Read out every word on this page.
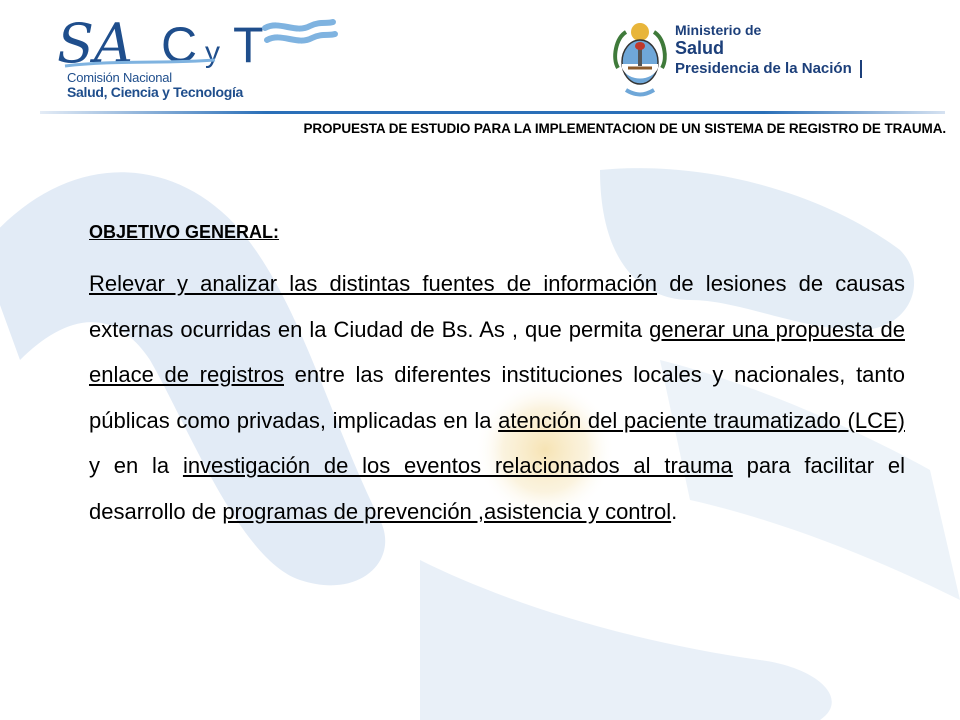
SA C y T
Comisión Nacional
Salud, Ciencia y Tecnología
Ministerio de
Salud
Presidencia de la Nación
PROPUESTA DE ESTUDIO PARA LA IMPLEMENTACION DE UN SISTEMA DE REGISTRO DE TRAUMA.
OBJETIVO GENERAL:

Relevar y analizar las distintas fuentes de información de lesiones de causas externas ocurridas en la Ciudad de Bs. As , que permita generar una propuesta de enlace de registros entre las diferentes instituciones locales y nacionales, tanto públicas como privadas, implicadas en la atención del paciente traumatizado (LCE) y en la investigación de los eventos relacionados al trauma para facilitar el desarrollo de programas de prevención ,asistencia y control.
